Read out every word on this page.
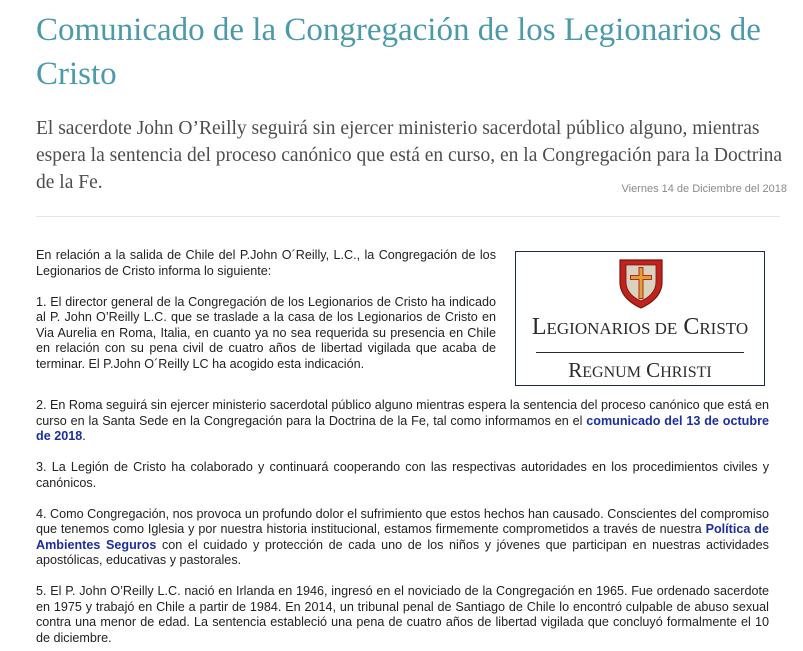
Comunicado de la Congregación de los Legionarios de Cristo

El sacerdote John O’Reilly seguirá sin ejercer ministerio sacerdotal público alguno, mientras espera la sentencia del proceso canónico que está en curso, en la Congregación para la Doctrina de la Fe.	Viernes 14 de Diciembre del 2018
LEGIONARIOS DE CRISTO
REGNUM CHRISTI

En relación a la salida de Chile del P.John O´Reilly, L.C., la Congregación de los Legionarios de Cristo informa lo siguiente:

1. El director general de la Congregación de los Legionarios de Cristo ha indicado al P. John O’Reilly L.C. que se traslade a la casa de los Legionarios de Cristo en Via Aurelia en Roma, Italia, en cuanto ya no sea requerida su presencia en Chile en relación con su pena civil de cuatro años de libertad vigilada que acaba de terminar. El P.John O´Reilly LC ha acogido esta indicación.

2. En Roma seguirá sin ejercer ministerio sacerdotal público alguno mientras espera la sentencia del proceso canónico que está en curso en la Santa Sede en la Congregación para la Doctrina de la Fe, tal como informamos en el comunicado del 13 de octubre de 2018.

3. La Legión de Cristo ha colaborado y continuará cooperando con las respectivas autoridades en los procedimientos civiles y canónicos.

4. Como Congregación, nos provoca un profundo dolor el sufrimiento que estos hechos han causado. Conscientes del compromiso que tenemos como Iglesia y por nuestra historia institucional, estamos firmemente comprometidos a través de nuestra Política de Ambientes Seguros con el cuidado y protección de cada uno de los niños y jóvenes que participan en nuestras actividades apostólicas, educativas y pastorales.

5. El P. John O’Reilly L.C. nació en Irlanda en 1946, ingresó en el noviciado de la Congregación en 1965. Fue ordenado sacerdote en 1975 y trabajó en Chile a partir de 1984. En 2014, un tribunal penal de Santiago de Chile lo encontró culpable de abuso sexual contra una menor de edad. La sentencia estableció una pena de cuatro años de libertad vigilada que concluyó formalmente el 10 de diciembre.
